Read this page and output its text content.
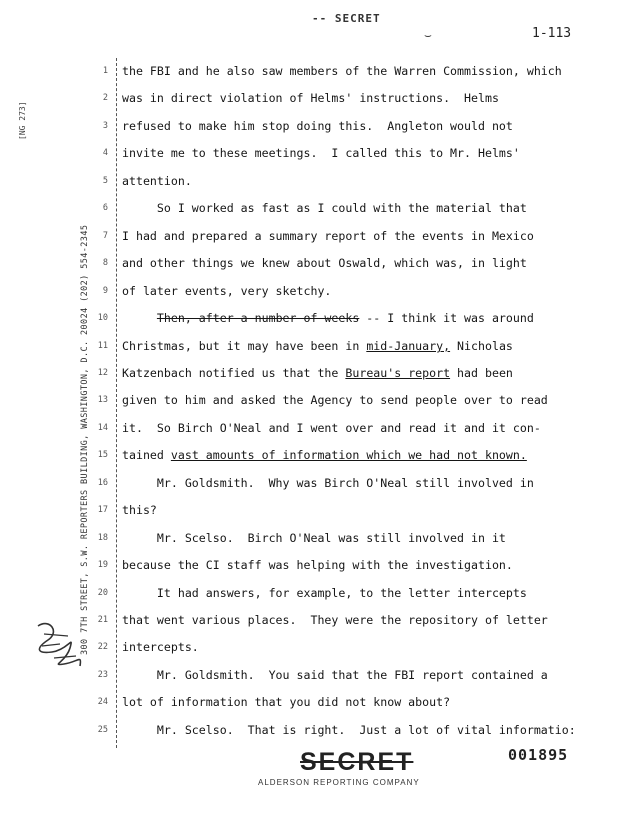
-- SECRET
⌣	1-113
[NG 273]
300 7TH STREET, S.W. REPORTERS BUILDING, WASHINGTON, D.C. 20024 (202) 554-2345
1 the FBI and he also saw members of the Warren Commission, which
2 was in direct violation of Helms' instructions.  Helms
3 refused to make him stop doing this.  Angleton would not
4 invite me to these meetings.  I called this to Mr. Helms'
5 attention.
6 So I worked as fast as I could with the material that
7 I had and prepared a summary report of the events in Mexico
8 and other things we knew about Oswald, which was, in light
9 of later events, very sketchy.
10	Then, after a number of weeks -- I think it was around
11 Christmas, but it may have been in mid-January, Nicholas
12 Katzenbach notified us that the Bureau's report had been
13 given to him and asked the Agency to send people over to read
14 it.  So Birch O'Neal and I went over and read it and it con-
15 tained vast amounts of information which we had not known.
16 Mr. Goldsmith.  Why was Birch O'Neal still involved in
17 this?
18 Mr. Scelso.  Birch O'Neal was still involved in it
19 because the CI staff was helping with the investigation.
20 It had answers, for example, to the letter intercepts
21 that went various places.  They were the repository of letter
22 intercepts.
23 Mr. Goldsmith.  You said that the FBI report contained a
24 lot of information that you did not know about?
25 Mr. Scelso.  That is right.  Just a lot of vital informatio:
SECRET	001895
ALDERSON REPORTING COMPANY
